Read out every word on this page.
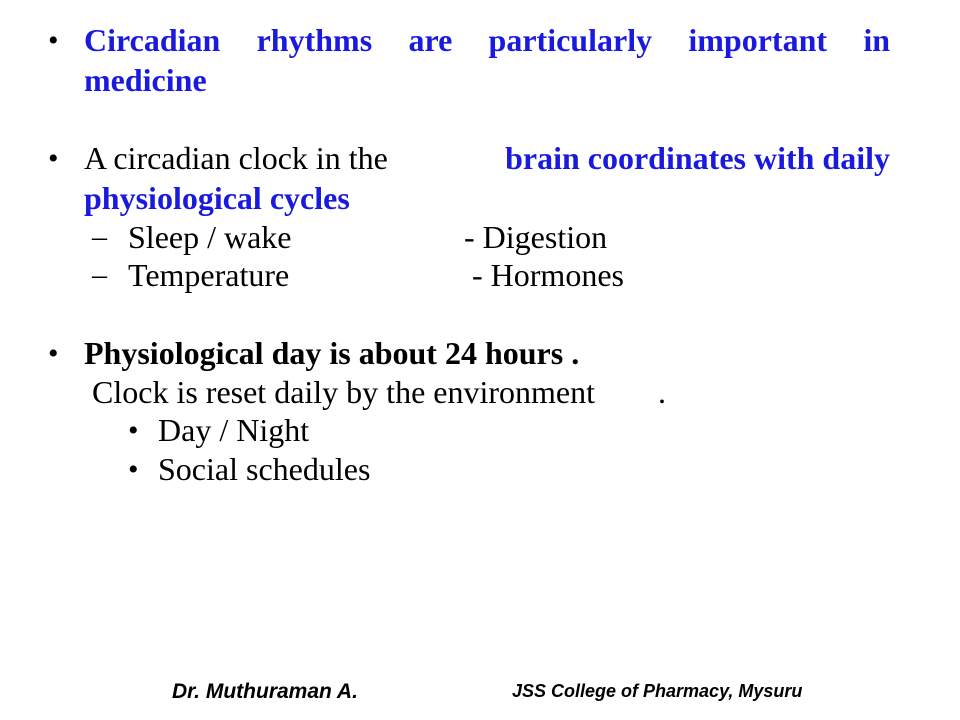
• Circadian rhythms are particularly important in
medicine
• A circadian clock in the	brain coordinates with daily
physiological cycles
– Sleep / wake	- Digestion
– Temperature	- Hormones
• Physiological day is about 24 hours .
Clock is reset daily by the environment .
• Day / Night
• Social schedules
Dr. Muthuraman A.	JSS College of Pharmacy, Mysuru
